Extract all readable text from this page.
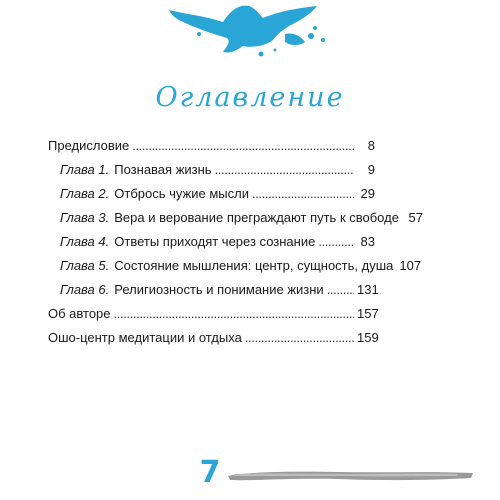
Оглавление
Предисловие . . .	8
Глава 1. Познавая жизнь . . .	9
Глава 2. Отбрось чужие мысли . . .	29
Глава 3. Вера и верование преграждают путь к свободе 57
Глава 4. Ответы приходят через сознание . . .	83
Глава 5. Состояние мышления: центр, сущность, душа 107
Глава 6. Религиозность и понимание жизни . . .	131
Об авторе . . .	157
Ошо-центр медитации и отдыха . . .	159
7
